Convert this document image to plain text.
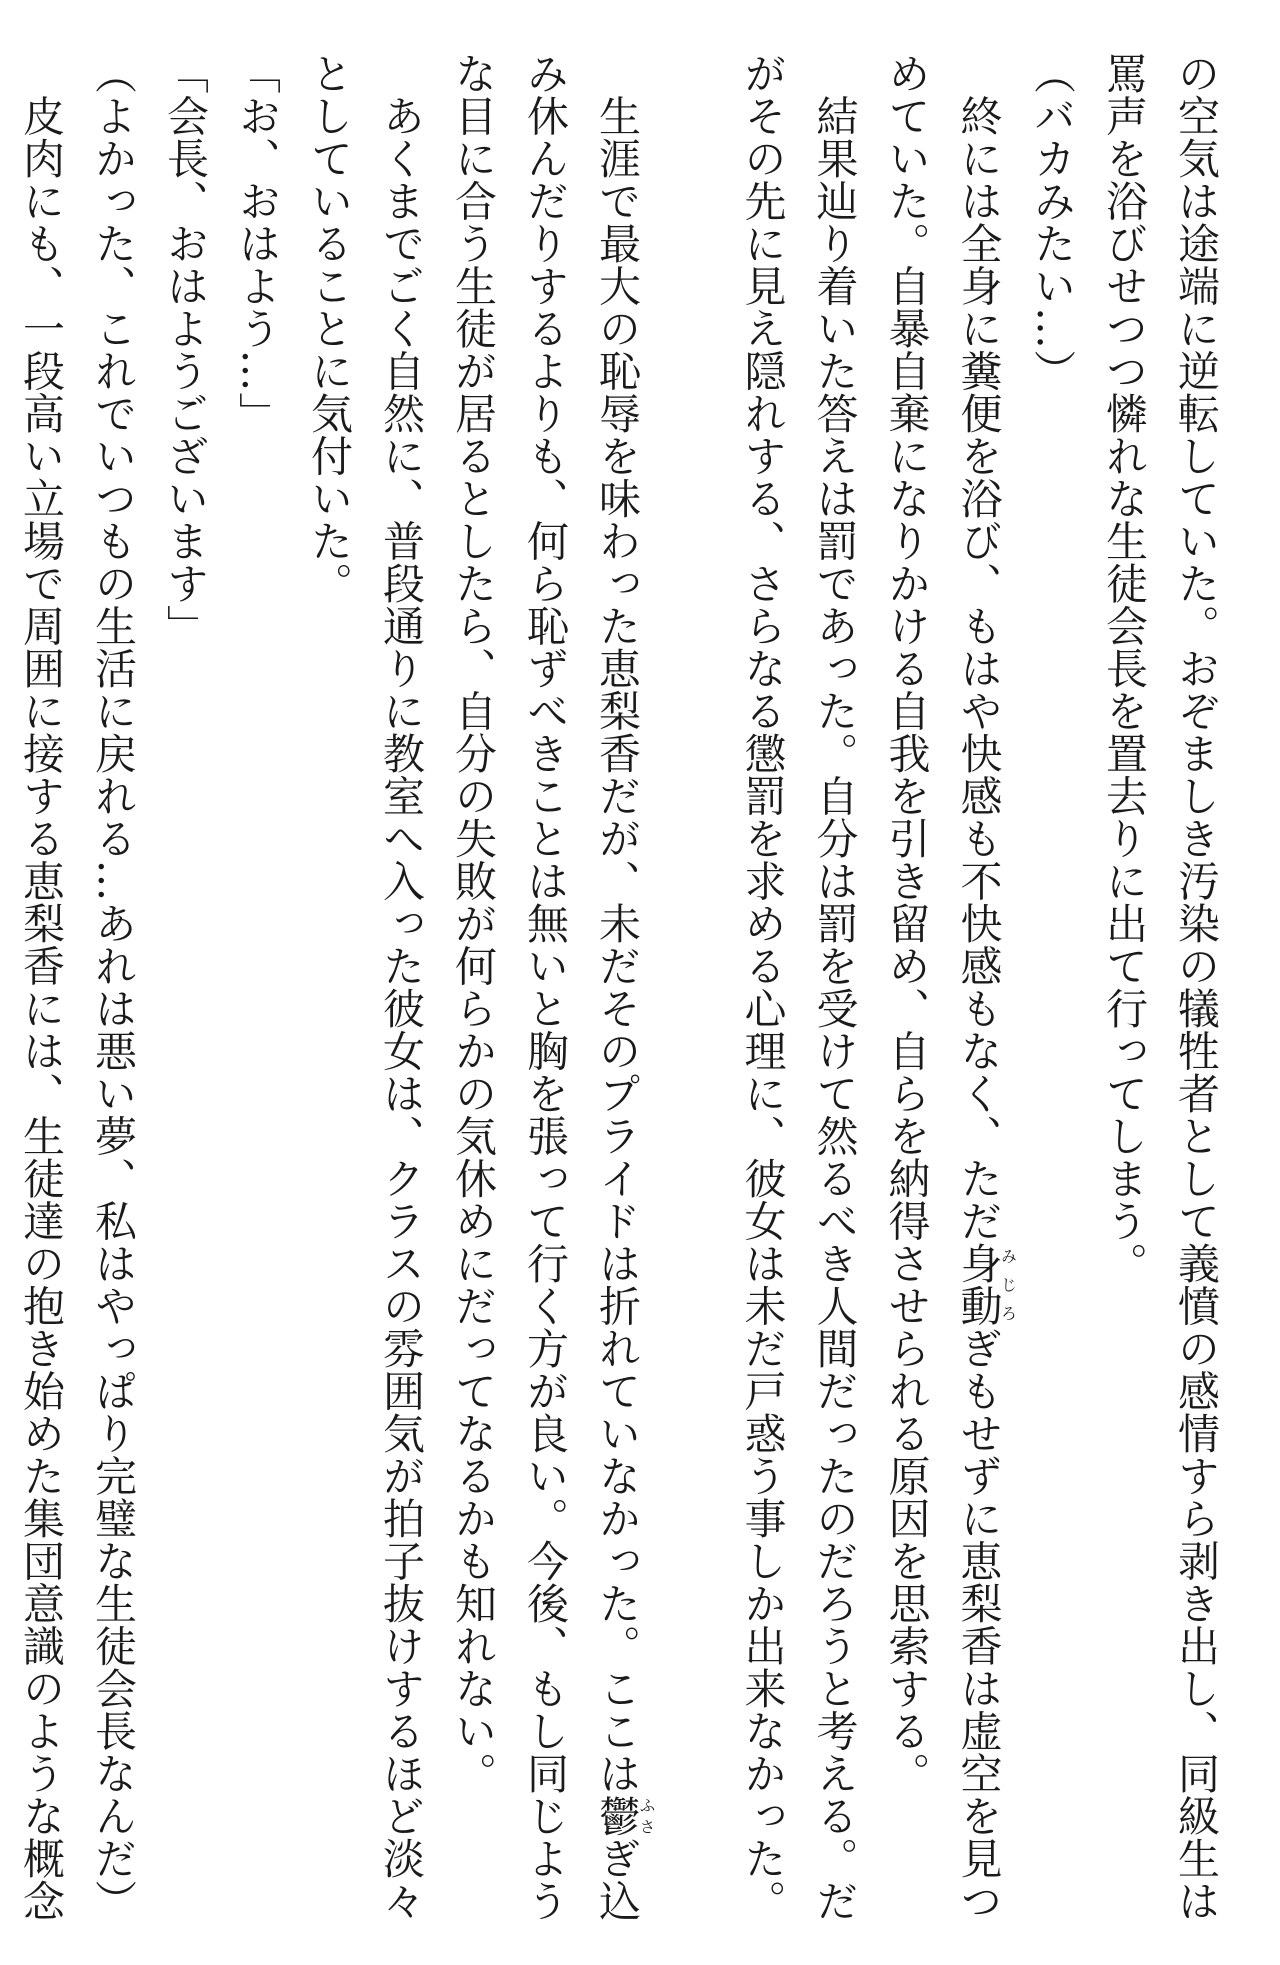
の空気は途端に逆転していた。おぞましき汚染の犠牲者として義憤の感情すら剥き出し、同級生は
罵声を浴びせつつ憐れな生徒会長を置去りに出て行ってしまう。
（バカみたい…）
　終には全身に糞便を浴び、もはや快感も不快感もなく、ただ身動みじろぎもせずに恵梨香は虚空を見つ
めていた。自暴自棄になりかける自我を引き留め、自らを納得させられる原因を思索する。
　結果辿り着いた答えは罰であった。自分は罰を受けて然るべき人間だったのだろうと考える。だ
がその先に見え隠れする、さらなる懲罰を求める心理に、彼女は未だ戸惑う事しか出来なかった。
　生涯で最大の恥辱を味わった恵梨香だが、未だそのプライドは折れていなかった。ここは鬱ふさぎ込
み休んだりするよりも、何ら恥ずべきことは無いと胸を張って行く方が良い。今後、もし同じよう
な目に合う生徒が居るとしたら、自分の失敗が何らかの気休めにだってなるかも知れない。
　あくまでごく自然に、普段通りに教室へ入った彼女は、クラスの雰囲気が拍子抜けするほど淡々
としていることに気付いた。
「お、おはよう…」
「会長、おはようございます」
（よかった、これでいつもの生活に戻れる…あれは悪い夢、私はやっぱり完璧な生徒会長なんだ）
　皮肉にも、一段高い立場で周囲に接する恵梨香には、生徒達の抱き始めた集団意識のような概念
